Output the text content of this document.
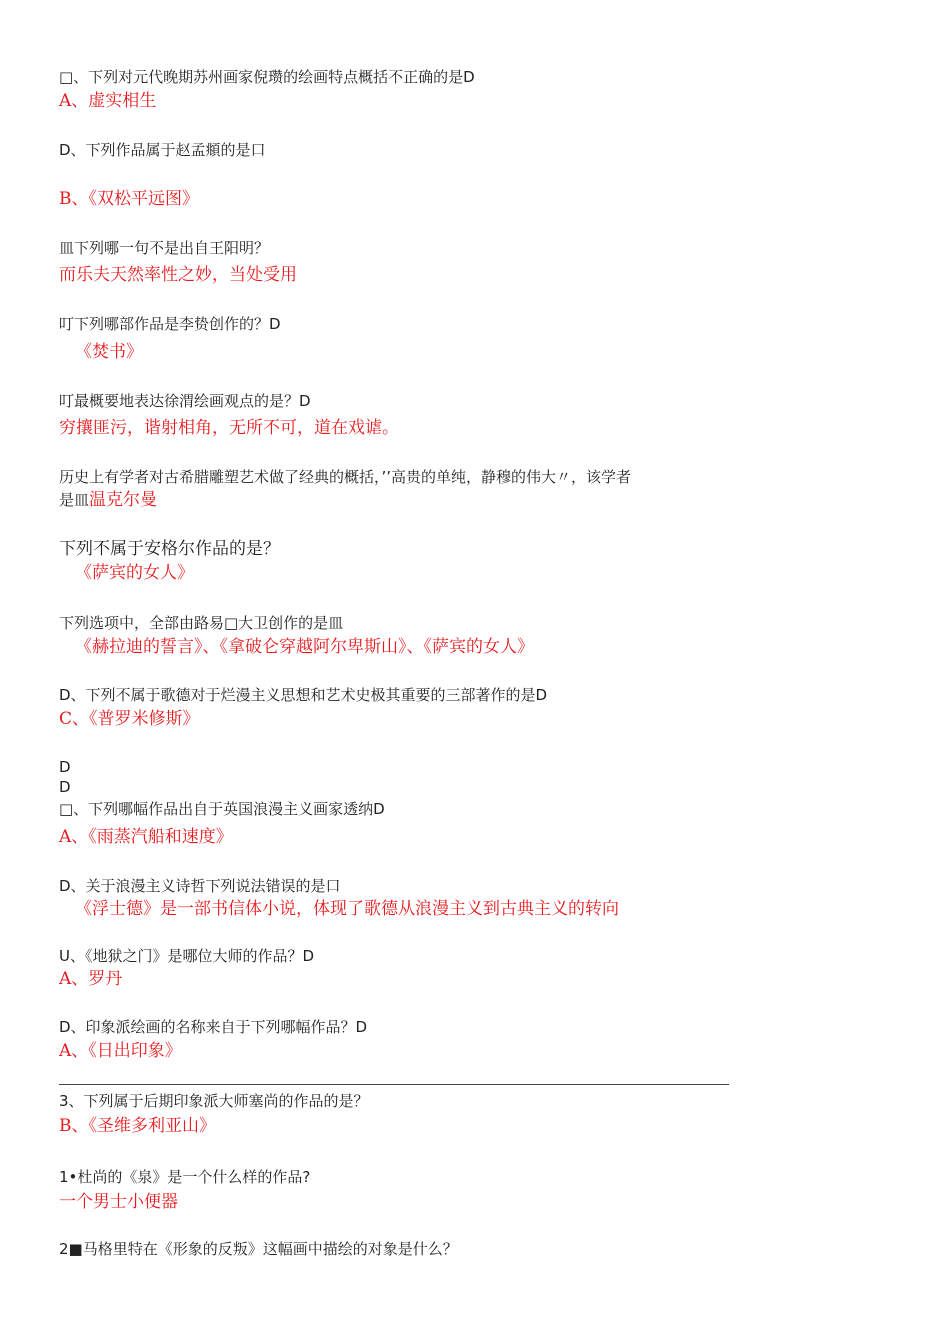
□、下列对元代晚期苏州画家倪瓒的绘画特点概括不正确的是D
A、虚实相生
D、下列作品属于赵孟頫的是口
B、《双松平远图》
皿下列哪一句不是出自王阳明？
而乐夫天然率性之妙，当处受用
叮下列哪部作品是李贽创作的？D
《焚书》
叮最概要地表达徐渭绘画观点的是？D
穷攘匪污，谐射相角，无所不可，道在戏谑。
历史上有学者对古希腊雕塑艺术做了经典的概括，’’高贵的单纯，静穆的伟大〃，该学者
是皿温克尔曼
下列不属于安格尔作品的是？
《萨宾的女人》
下列选项中，全部由路易□大卫创作的是皿
《赫拉迪的誓言》、《拿破仑穿越阿尔卑斯山》、《萨宾的女人》
D、下列不属于歌德对于烂漫主义思想和艺术史极其重要的三部著作的是D
C、《普罗米修斯》
D
D
□、下列哪幅作品出自于英国浪漫主义画家透纳D
A、《雨蒸汽船和速度》
D、关于浪漫主义诗哲下列说法错误的是口
《浮士德》是一部书信体小说，体现了歌德从浪漫主义到古典主义的转向
U、《地狱之门》是哪位大师的作品？D
A、罗丹
D、印象派绘画的名称来自于下列哪幅作品？D
A、《日出印象》
3、下列属于后期印象派大师塞尚的作品的是？
B、《圣维多利亚山》
1•杜尚的《泉》是一个什么样的作品?
一个男士小便器
2■马格里特在《形象的反叛》这幅画中描绘的对象是什么？
